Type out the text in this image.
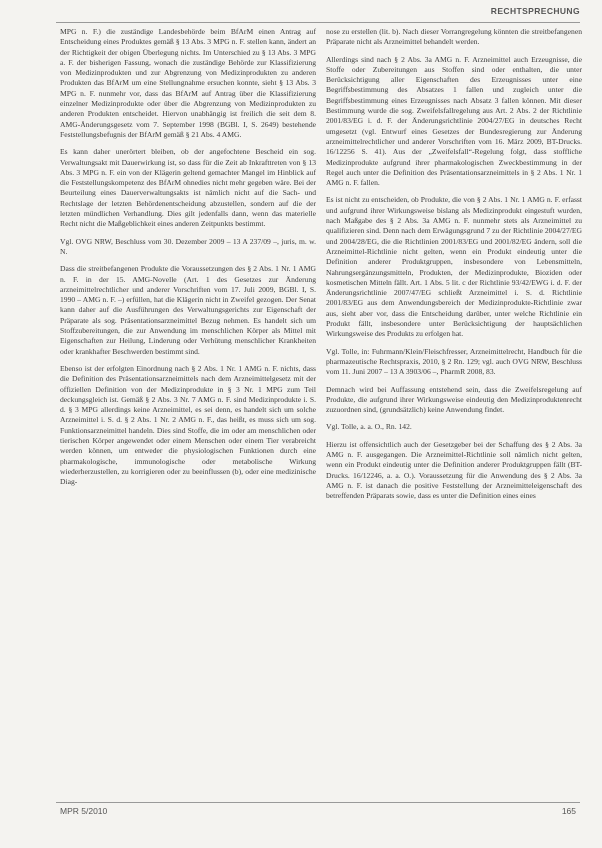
RECHTSPRECHUNG

MPG n. F.) die zuständige Landesbehörde beim BfArM einen Antrag auf Entscheidung eines Produktes gemäß § 13 Abs. 3 MPG n. F. stellen kann, ändert an der Richtigkeit der obigen Überlegung nichts. Im Unterschied zu § 13 Abs. 3 MPG a. F. der bisherigen Fassung, wonach die zuständige Behörde zur Klassifizierung von Medizinprodukten und zur Abgrenzung von Medizinprodukten zu anderen Produkten das BfArM um eine Stellungnahme ersuchen konnte, sieht § 13 Abs. 3 MPG n. F. nunmehr vor, dass das BfArM auf Antrag über die Klassifizierung einzelner Medizinprodukte oder über die Abgrenzung von Medizinprodukten zu anderen Produkten entscheidet. Hiervon unabhängig ist freilich die seit dem 8. AMG-Änderungsgesetz vom 7. September 1998 (BGBl. I, S. 2649) bestehende Feststellungsbefugnis der BfArM gemäß § 21 Abs. 4 AMG.

Es kann daher unerörtert bleiben, ob der angefochtene Bescheid ein sog. Verwaltungsakt mit Dauerwirkung ist, so dass für die Zeit ab Inkrafttreten von § 13 Abs. 3 MPG n. F. ein von der Klägerin geltend gemachter Mangel im Hinblick auf die Feststellungskompetenz des BfArM ohnedies nicht mehr gegeben wäre. Bei der Beurteilung eines Dauerverwaltungsakts ist nämlich nicht auf die Sach- und Rechtslage der letzten Behördenentscheidung abzustellen, sondern auf die der letzten mündlichen Verhandlung. Dies gilt jedenfalls dann, wenn das materielle Recht nicht die Maßgeblichkeit eines anderen Zeitpunkts bestimmt.

Vgl. OVG NRW, Beschluss vom 30. Dezember 2009 – 13 A 237/09 –, juris, m. w. N.

Dass die streitbefangenen Produkte die Voraussetzungen des § 2 Abs. 1 Nr. 1 AMG n. F. in der 15. AMG-Novelle (Art. 1 des Gesetzes zur Änderung arzneimittelrechtlicher und anderer Vorschriften vom 17. Juli 2009, BGBl. I, S. 1990 – AMG n. F. –) erfüllen, hat die Klägerin nicht in Zweifel gezogen. Der Senat kann daher auf die Ausführungen des Verwaltungsgerichts zur Eigenschaft der Präparate als sog. Präsentationsarzneimittel Bezug nehmen. Es handelt sich um Stoffzubereitungen, die zur Anwendung im menschlichen Körper als Mittel mit Eigenschaften zur Heilung, Linderung oder Verhütung menschlicher Krankheiten oder krankhafter Beschwerden bestimmt sind.

Ebenso ist der erfolgten Einordnung nach § 2 Abs. 1 Nr. 1 AMG n. F. nichts, dass die Definition des Präsentationsarzneimittels nach dem Arzneimittelgesetz mit der offiziellen Definition von der Medizinprodukte in § 3 Nr. 1 MPG zum Teil deckungsgleich ist. Gemäß § 2 Abs. 3 Nr. 7 AMG n. F. sind Medizinprodukte i. S. d. § 3 MPG allerdings keine Arzneimittel, es sei denn, es handelt sich um solche Arzneimittel i. S. d. § 2 Abs. 1 Nr. 2 AMG n. F., das heißt, es muss sich um sog. Funktionsarzneimittel handeln. Dies sind Stoffe, die im oder am menschlichen oder tierischen Körper angewendet oder einem Menschen oder einem Tier verabreicht werden können, um entweder die physiologischen Funktionen durch eine pharmakologische, immunologische oder metabolische Wirkung wiederherzustellen, zu korrigieren oder zu beeinflussen (b), oder eine medizinische Diag-

nose zu erstellen (lit. b). Nach dieser Vorrangregelung könnten die streitbefangenen Präparate nicht als Arzneimittel behandelt werden.

Allerdings sind nach § 2 Abs. 3a AMG n. F. Arzneimittel auch Erzeugnisse, die Stoffe oder Zubereitungen aus Stoffen sind oder enthalten, die unter Berücksichtigung aller Eigenschaften des Erzeugnisses unter eine Begriffsbestimmung des Absatzes 1 fallen und zugleich unter die Begriffsbestimmung eines Erzeugnisses nach Absatz 3 fallen können. Mit dieser Bestimmung wurde die sog. Zweifelsfallregelung aus Art. 2 Abs. 2 der Richtlinie 2001/83/EG i. d. F. der Änderungsrichtlinie 2004/27/EG in deutsches Recht umgesetzt (vgl. Entwurf eines Gesetzes der Bundesregierung zur Änderung arzneimittelrechtlicher und anderer Vorschriften vom 16. März 2009, BT-Drucks. 16/12256 S. 41). Aus der „Zweifelsfall“-Regelung folgt, dass stoffliche Medizinprodukte aufgrund ihrer pharmakologischen Zweckbestimmung in der Regel auch unter die Definition des Präsentationsarzneimittels in § 2 Abs. 1 Nr. 1 AMG n. F. fallen.

Es ist nicht zu entscheiden, ob Produkte, die von § 2 Abs. 1 Nr. 1 AMG n. F. erfasst und aufgrund ihrer Wirkungsweise bislang als Medizinprodukt eingestuft wurden, nach Maßgabe des § 2 Abs. 3a AMG n. F. nunmehr stets als Arzneimittel zu qualifizieren sind. Denn nach dem Erwägungsgrund 7 zu der Richtlinie 2004/27/EG und 2004/28/EG, die die Richtlinien 2001/83/EG und 2001/82/EG ändern, soll die Arzneimittel-Richtlinie nicht gelten, wenn ein Produkt eindeutig unter die Definition anderer Produktgruppen, insbesondere von Lebensmitteln, Nahrungsergänzungsmitteln, Produkten, der Medizinprodukte, Bioziden oder kosmetischen Mitteln fällt. Art. 1 Abs. 5 lit. c der Richtlinie 93/42/EWG i. d. F. der Änderungsrichtlinie 2007/47/EG schließt Arzneimittel i. S. d. Richtlinie 2001/83/EG aus dem Anwendungsbereich der Medizinprodukte-Richtlinie zwar aus, sieht aber vor, dass die Entscheidung darüber, unter welche Richtlinie ein Produkt fällt, insbesondere unter Berücksichtigung der hauptsächlichen Wirkungsweise des Produkts zu erfolgen hat.

Vgl. Tolle, in: Fuhrmann/Klein/Fleischfresser, Arzneimittelrecht, Handbuch für die pharmazeutische Rechtspraxis, 2010, § 2 Rn. 129; vgl. auch OVG NRW, Beschluss vom 11. Juni 2007 – 13 A 3903/06 –, PharmR 2008, 83.

Demnach wird bei Auffassung entstehend sein, dass die Zweifelsregelung auf Produkte, die aufgrund ihrer Wirkungsweise eindeutig den Medizinproduktenrecht zuzuordnen sind, (grundsätzlich) keine Anwendung findet.

Vgl. Tolle, a. a. O., Rn. 142.

Hierzu ist offensichtlich auch der Gesetzgeber bei der Schaffung des § 2 Abs. 3a AMG n. F. ausgegangen. Die Arzneimittel-Richtlinie soll nämlich nicht gelten, wenn ein Produkt eindeutig unter die Definition anderer Produktgruppen fällt (BT-Drucks. 16/12246, a. a. O.). Voraussetzung für die Anwendung des § 2 Abs. 3a AMG n. F. ist danach die positive Feststellung der Arzneimitteleigenschaft des betreffenden Präparats sowie, dass es unter die Definition eines eines

MPR 5/2010	165
